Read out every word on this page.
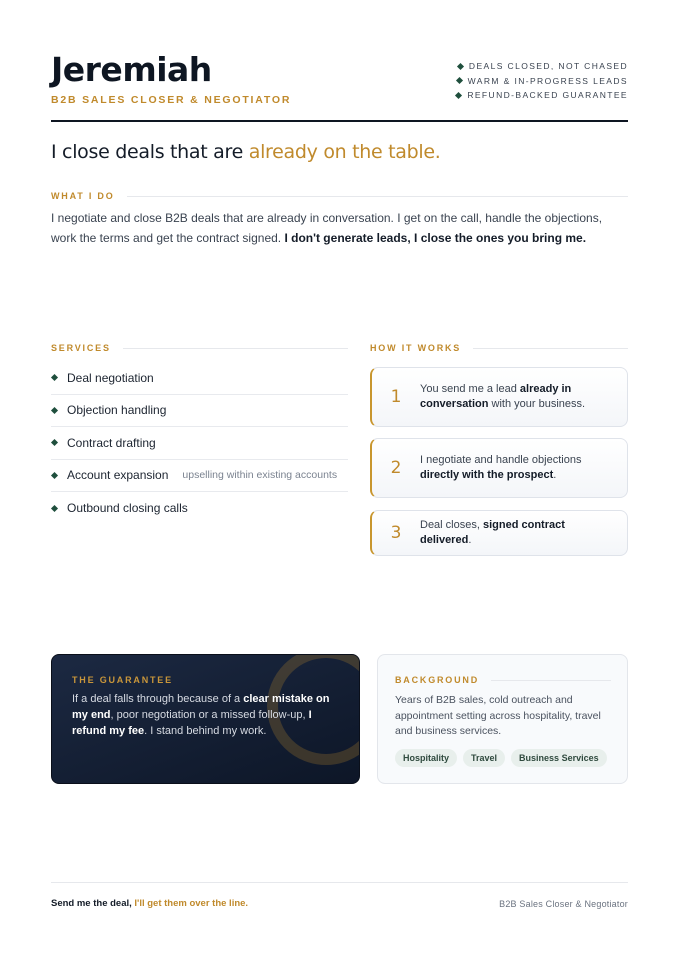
Jeremiah
B2B SALES CLOSER & NEGOTIATOR
DEALS CLOSED, NOT CHASED
WARM & IN-PROGRESS LEADS
REFUND-BACKED GUARANTEE
I close deals that are already on the table.
WHAT I DO
I negotiate and close B2B deals that are already in conversation. I get on the call, handle the objections, work the terms and get the contract signed. I don't generate leads, I close the ones you bring me.
SERVICES
Deal negotiation
Objection handling
Contract drafting
Account expansion upselling within existing accounts
Outbound closing calls
HOW IT WORKS
1	You send me a lead already in conversation with your business.
2	I negotiate and handle objections directly with the prospect.
3	Deal closes, signed contract delivered.
THE GUARANTEE
If a deal falls through because of a clear mistake on my end, poor negotiation or a missed follow-up, I refund my fee. I stand behind my work.
BACKGROUND
Years of B2B sales, cold outreach and appointment setting across hospitality, travel and business services.
Hospitality	Travel	Business Services
Send me the deal, I'll get them over the line.	B2B Sales Closer & Negotiator
